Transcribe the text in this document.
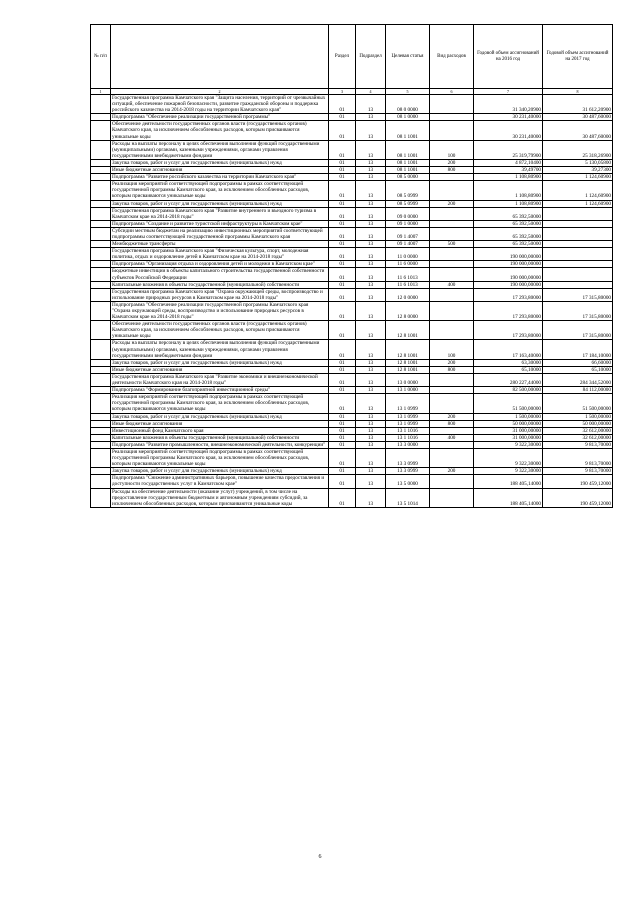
№ п/п		Раздел	Подраздел	Целевая статья	Вид расходов	Годовой объем ассигнований на 2016 год	Годовой объем ассигнований на 2017 год
1	2	3	4	5	6	7	8
	Государственная программа Камчатского края "Защита населения, территорий от чрезвычайных ситуаций, обеспечение пожарной безопасности, развитие гражданской обороны и поддержка российского казачества на 2014-2018 годы на территории Камчатского края"	01	13	08 0 0000		31 340,20900	31 612,20900
	Подпрограмма "Обеспечение реализации государственной программы"	01	13	08 1 0000		30 231,40000	30 487,60000
	Обеспечение деятельности государственных органов власти (государственных органов) Камчатского края, за исключением обособленных расходов, которым присваиваются уникальные коды	01	13	08 1 1001		30 231,40000	30 487,60000
	Расходы на выплаты персоналу в целях обеспечения выполнения функций государственными (муниципальными) органами, казенными учреждениями, органами управления государственными внебюджетными фондами	01	13	08 1 1001	100	25 319,79900	25 318,26900
	Закупка товаров, работ и услуг для государственных (муниципальных) нужд	01	13	08 1 1001	200	4 872,10400	5 130,05800
	Иные бюджетные ассигнования	01	13	08 1 1001	800	39,49700	39,27300
	Подпрограмма "Развитие российского казачества на территории Камчатского края"	01	13	08 5 0000		1 108,80900	1 124,60900
	Реализация мероприятий соответствующей подпрограммы в рамках соответствующей государственной программы Камчатского края, за исключением обособленных расходов, которым присваиваются уникальные коды	01	13	08 5 0999		1 108,80900	1 124,60900
	Закупка товаров, работ и услуг для государственных (муниципальных) нужд	01	13	08 5 0999	200	1 108,80900	1 124,60900
	Государственная программа Камчатского края "Развитие внутреннего и въездного туризма в Камчатском крае на 2014-2018 годы"	01	13	09 0 0000		65 392,50000	
	Подпрограмма "Создание и развитие туристской инфраструктуры в Камчатском крае"	01	13	09 1 0000		65 392,50000	
	Субсидии местным бюджетам на реализацию инвестиционных мероприятий соответствующей подпрограммы соответствующей государственной программы Камчатского края	01	13	09 1 4007		65 392,50000	
	Межбюджетные трансферты	01	13	09 1 4007	500	65 392,50000	
	Государственная программа Камчатского края "Физическая культура, спорт, молодежная политика, отдых и оздоровление детей в Камчатском крае на 2014-2018 годы"	01	13	11 0 0000		190 000,00000	
	Подпрограмма "Организация отдыха и оздоровления детей и молодежи в Камчатском крае"	01	13	11 6 0000		190 000,00000	
	Бюджетные инвестиции в объекты капитального строительства государственной собственности субъектов Российской Федерации	01	13	11 6 1013		190 000,00000	
	Капитальные вложения в объекты государственной (муниципальной) собственности	01	13	11 6 1013	400	190 000,00000	
	Государственная программа Камчатского края "Охрана окружающей среды, воспроизводство и использование природных ресурсов в Камчатском крае на 2014-2018 годы"	01	13	12 0 0000		17 293,80000	17 315,80000
	Подпрограмма "Обеспечение реализации государственной программы Камчатского края "Охрана окружающей среды, воспроизводство и использование природных ресурсов в Камчатском крае на 2014-2018 годы"	01	13	12 8 0000		17 293,80000	17 315,80000
	Обеспечение деятельности государственных органов власти (государственных органов) Камчатского края, за исключением обособленных расходов, которым присваиваются уникальные коды	01	13	12 8 1001		17 293,80000	17 315,80000
	Расходы на выплаты персоналу в целях обеспечения выполнения функций государственными (муниципальными) органами, казенными учреждениями, органами управления государственными внебюджетными фондами	01	13	12 8 1001	100	17 163,40000	17 184,10000
	Закупка товаров, работ и услуг для государственных (муниципальных) нужд	01	13	12 8 1001	200	63,30000	66,60000
	Иные бюджетные ассигнования	01	13	12 8 1001	800	65,10000	65,10000
	Государственная программа Камчатского края "Развитие экономики и внешнеэкономической деятельности Камчатского края на 2014-2018 годы"	01	13	13 0 0000		280 227,44000	284 344,52000
	Подпрограмма "Формирование благоприятной инвестиционной среды"	01	13	13 1 0000		82 500,00000	84 112,00000
	Реализация мероприятий соответствующей подпрограммы в рамках соответствующей государственной программы Камчатского края, за исключением обособленных расходов, которым присваиваются уникальные коды	01	13	13 1 0999		51 500,00000	51 500,00000
	Закупка товаров, работ и услуг для государственных (муниципальных) нужд	01	13	13 1 0999	200	1 500,00000	1 500,00000
	Иные бюджетные ассигнования	01	13	13 1 0999	800	50 000,00000	50 000,00000
	Инвестиционный фонд Камчатского края	01	13	13 1 1016		31 000,00000	32 612,00000
	Капитальные вложения в объекты государственной (муниципальной) собственности	01	13	13 1 1016	400	31 000,00000	32 612,00000
	Подпрограмма "Развитие промышленности, внешнеэкономической деятельности, конкуренции"	01	13	13 3 0000		9 322,30000	9 813,70000
	Реализация мероприятий соответствующей подпрограммы в рамках соответствующей государственной программы Камчатского края, за исключением обособленных расходов, которым присваиваются уникальные коды	01	13	13 3 0999		9 322,30000	9 813,70000
	Закупка товаров, работ и услуг для государственных (муниципальных) нужд	01	13	13 3 0999	200	9 322,30000	9 813,70000
	Подпрограмма "Снижение административных барьеров, повышение качества предоставления и доступности государственных услуг в Камчатском крае"	01	13	13 5 0000		188 405,14000	190 459,12000
	Расходы на обеспечение деятельности (оказание услуг) учреждений, в том числе на предоставление государственным бюджетным и автономным учреждениям субсидий, за исключением обособленных расходов, которым присваиваются уникальные коды	01	13	13 5 1014		188 405,14000	190 459,12000
6
